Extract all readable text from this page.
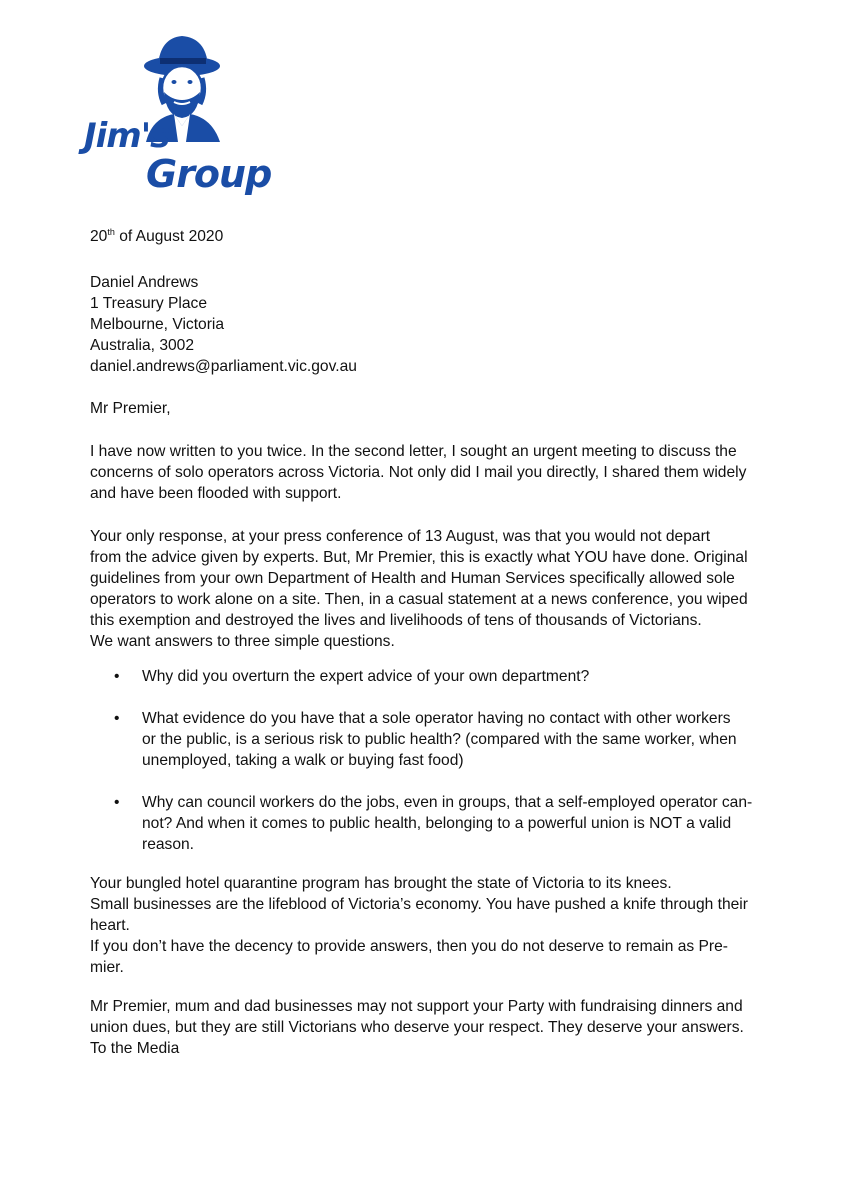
Jim's
Group
20th of August 2020
Daniel Andrews
1 Treasury Place
Melbourne, Victoria
Australia, 3002
daniel.andrews@parliament.vic.gov.au
Mr Premier,
I have now written to you twice. In the second letter, I sought an urgent meeting to discuss the
concerns of solo operators across Victoria. Not only did I mail you directly, I shared them widely
and have been flooded with support.
Your only response, at your press conference of 13 August, was that you would not depart
from the advice given by experts. But, Mr Premier, this is exactly what YOU have done. Original
guidelines from your own Department of Health and Human Services specifically allowed sole
operators to work alone on a site. Then, in a casual statement at a news conference, you wiped
this exemption and destroyed the lives and livelihoods of tens of thousands of Victorians.
We want answers to three simple questions.
• Why did you overturn the expert advice of your own department?
• What evidence do you have that a sole operator having no contact with other workers
or the public, is a serious risk to public health? (compared with the same worker, when
unemployed, taking a walk or buying fast food)
• Why can council workers do the jobs, even in groups, that a self-employed operator can-
not? And when it comes to public health, belonging to a powerful union is NOT a valid
reason.
Your bungled hotel quarantine program has brought the state of Victoria to its knees.
Small businesses are the lifeblood of Victoria’s economy. You have pushed a knife through their
heart.
If you don’t have the decency to provide answers, then you do not deserve to remain as Pre-
mier.
Mr Premier, mum and dad businesses may not support your Party with fundraising dinners and
union dues, but they are still Victorians who deserve your respect. They deserve your answers.
To the Media
